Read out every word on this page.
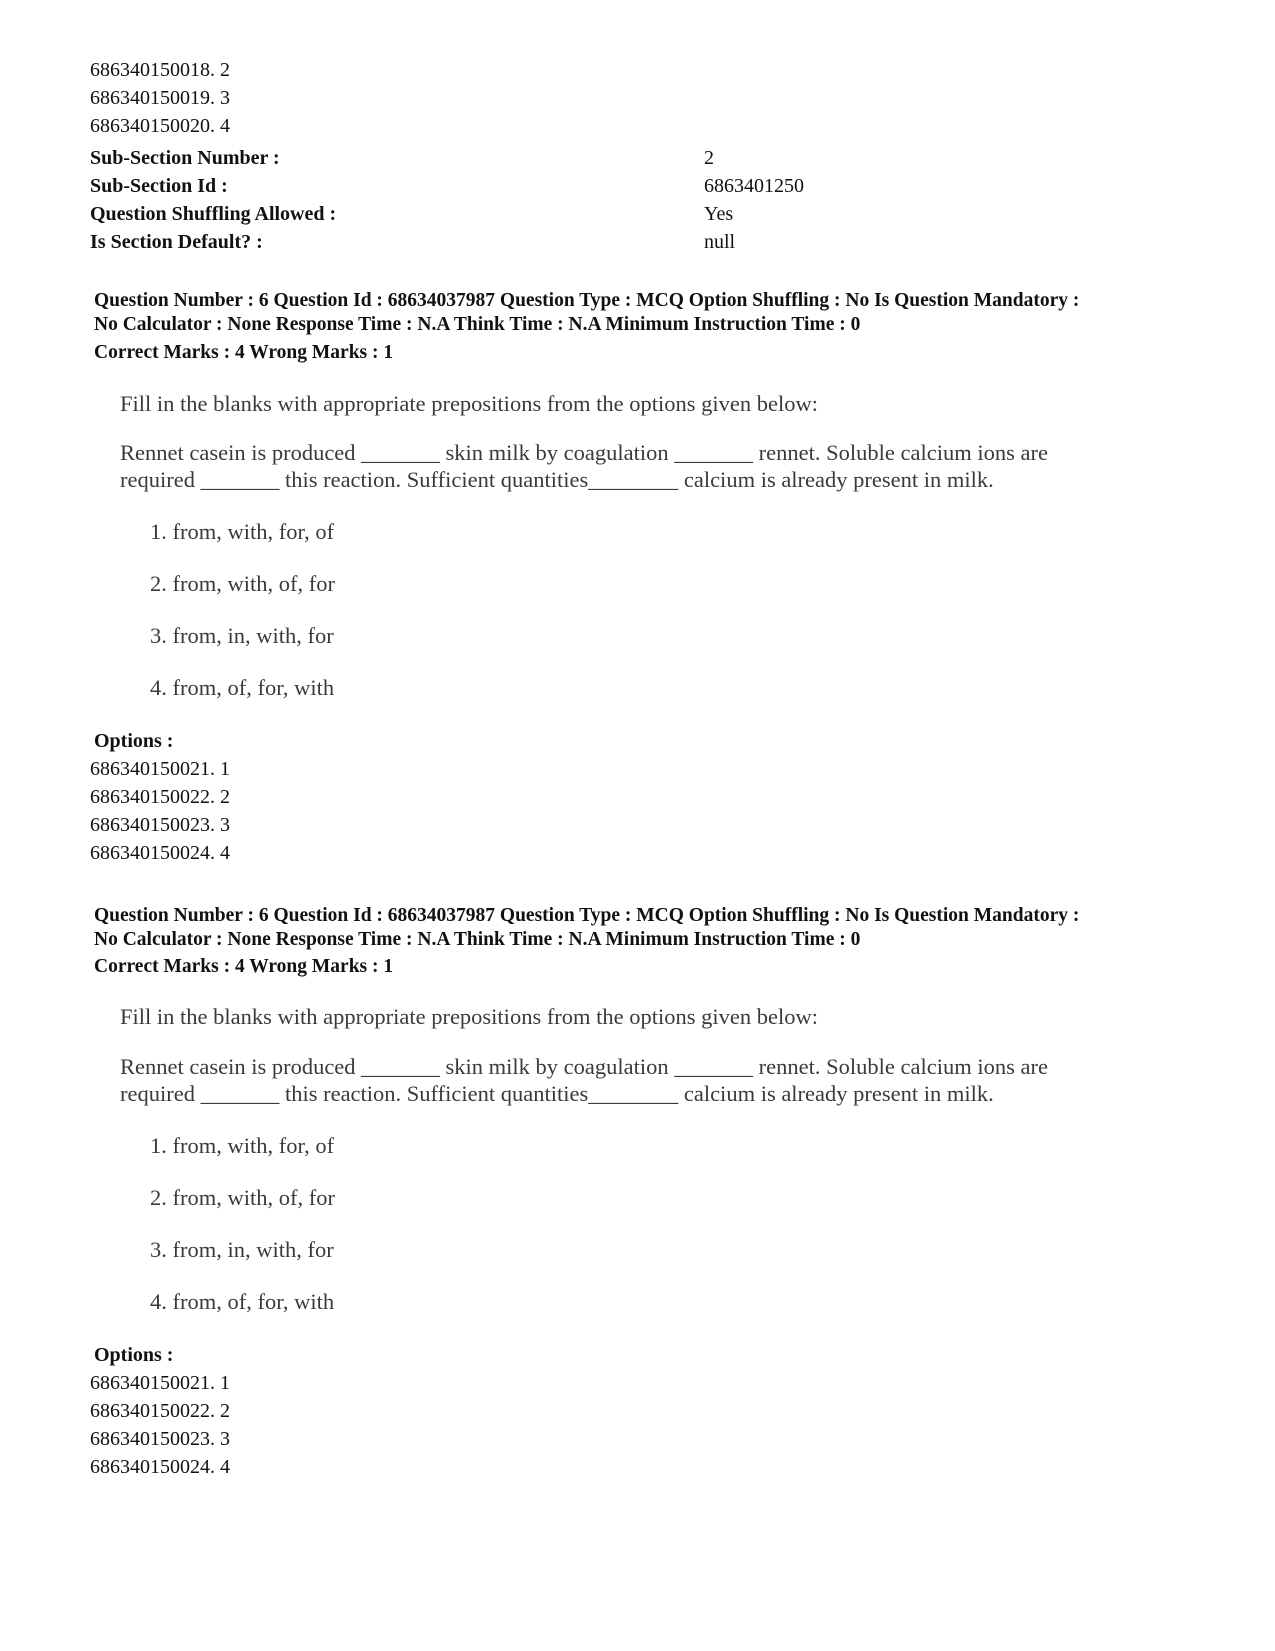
686340150018. 2
686340150019. 3
686340150020. 4
Sub-Section Number :	2
Sub-Section Id :	6863401250
Question Shuffling Allowed :	Yes
Is Section Default? :	null
Question Number : 6 Question Id : 68634037987 Question Type : MCQ Option Shuffling : No Is Question Mandatory :
No Calculator : None Response Time : N.A Think Time : N.A Minimum Instruction Time : 0
Correct Marks : 4 Wrong Marks : 1
Fill in the blanks with appropriate prepositions from the options given below:
Rennet casein is produced _______ skin milk by coagulation _______ rennet. Soluble calcium ions are
required _______ this reaction. Sufficient quantities________ calcium is already present in milk.
1. from, with, for, of
2. from, with, of, for
3. from, in, with, for
4. from, of, for, with
Options :
686340150021. 1
686340150022. 2
686340150023. 3
686340150024. 4
Question Number : 6 Question Id : 68634037987 Question Type : MCQ Option Shuffling : No Is Question Mandatory :
No Calculator : None Response Time : N.A Think Time : N.A Minimum Instruction Time : 0
Correct Marks : 4 Wrong Marks : 1
Fill in the blanks with appropriate prepositions from the options given below:
Rennet casein is produced _______ skin milk by coagulation _______ rennet. Soluble calcium ions are
required _______ this reaction. Sufficient quantities________ calcium is already present in milk.
1. from, with, for, of
2. from, with, of, for
3. from, in, with, for
4. from, of, for, with
Options :
686340150021. 1
686340150022. 2
686340150023. 3
686340150024. 4
